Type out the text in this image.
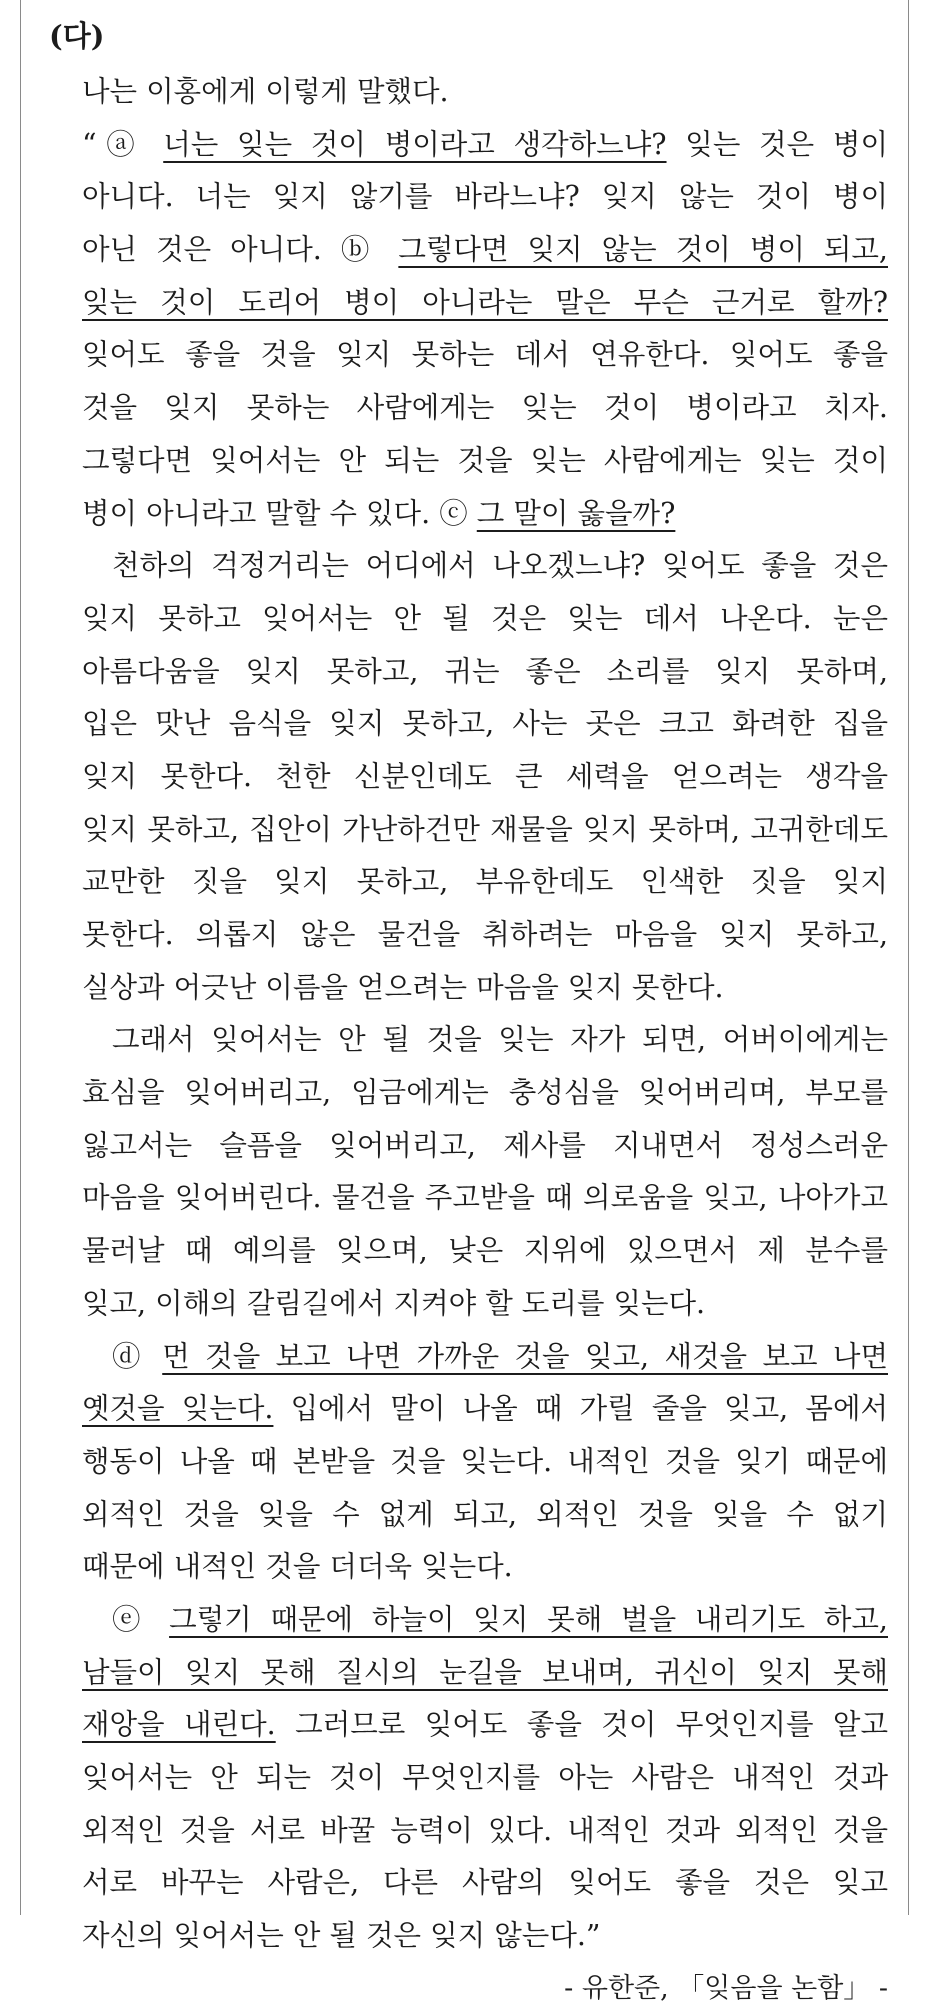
(다)
나는 이홍에게 이렇게 말했다.
“ⓐ 너는 잊는 것이 병이라고 생각하느냐? 잊는 것은 병이
아니다. 너는 잊지 않기를 바라느냐? 잊지 않는 것이 병이
아닌 것은 아니다. ⓑ 그렇다면 잊지 않는 것이 병이 되고,
잊는 것이 도리어 병이 아니라는 말은 무슨 근거로 할까?
잊어도 좋을 것을 잊지 못하는 데서 연유한다. 잊어도 좋을
것을 잊지 못하는 사람에게는 잊는 것이 병이라고 치자.
그렇다면 잊어서는 안 되는 것을 잊는 사람에게는 잊는 것이
병이 아니라고 말할 수 있다. ⓒ 그 말이 옳을까?
천하의 걱정거리는 어디에서 나오겠느냐? 잊어도 좋을 것은
잊지 못하고 잊어서는 안 될 것은 잊는 데서 나온다. 눈은
아름다움을 잊지 못하고, 귀는 좋은 소리를 잊지 못하며,
입은 맛난 음식을 잊지 못하고, 사는 곳은 크고 화려한 집을
잊지 못한다. 천한 신분인데도 큰 세력을 얻으려는 생각을
잊지 못하고, 집안이 가난하건만 재물을 잊지 못하며, 고귀한데도
교만한 짓을 잊지 못하고, 부유한데도 인색한 짓을 잊지
못한다. 의롭지 않은 물건을 취하려는 마음을 잊지 못하고,
실상과 어긋난 이름을 얻으려는 마음을 잊지 못한다.
그래서 잊어서는 안 될 것을 잊는 자가 되면, 어버이에게는
효심을 잊어버리고, 임금에게는 충성심을 잊어버리며, 부모를
잃고서는 슬픔을 잊어버리고, 제사를 지내면서 정성스러운
마음을 잊어버린다. 물건을 주고받을 때 의로움을 잊고, 나아가고
물러날 때 예의를 잊으며, 낮은 지위에 있으면서 제 분수를
잊고, 이해의 갈림길에서 지켜야 할 도리를 잊는다.
ⓓ 먼 것을 보고 나면 가까운 것을 잊고, 새것을 보고 나면
옛것을 잊는다. 입에서 말이 나올 때 가릴 줄을 잊고, 몸에서
행동이 나올 때 본받을 것을 잊는다. 내적인 것을 잊기 때문에
외적인 것을 잊을 수 없게 되고, 외적인 것을 잊을 수 없기
때문에 내적인 것을 더더욱 잊는다.
ⓔ 그렇기 때문에 하늘이 잊지 못해 벌을 내리기도 하고,
남들이 잊지 못해 질시의 눈길을 보내며, 귀신이 잊지 못해
재앙을 내린다. 그러므로 잊어도 좋을 것이 무엇인지를 알고
잊어서는 안 되는 것이 무엇인지를 아는 사람은 내적인 것과
외적인 것을 서로 바꿀 능력이 있다. 내적인 것과 외적인 것을
서로 바꾸는 사람은, 다른 사람의 잊어도 좋을 것은 잊고
자신의 잊어서는 안 될 것은 잊지 않는다.”
- 유한준, 「잊음을 논함」 -
